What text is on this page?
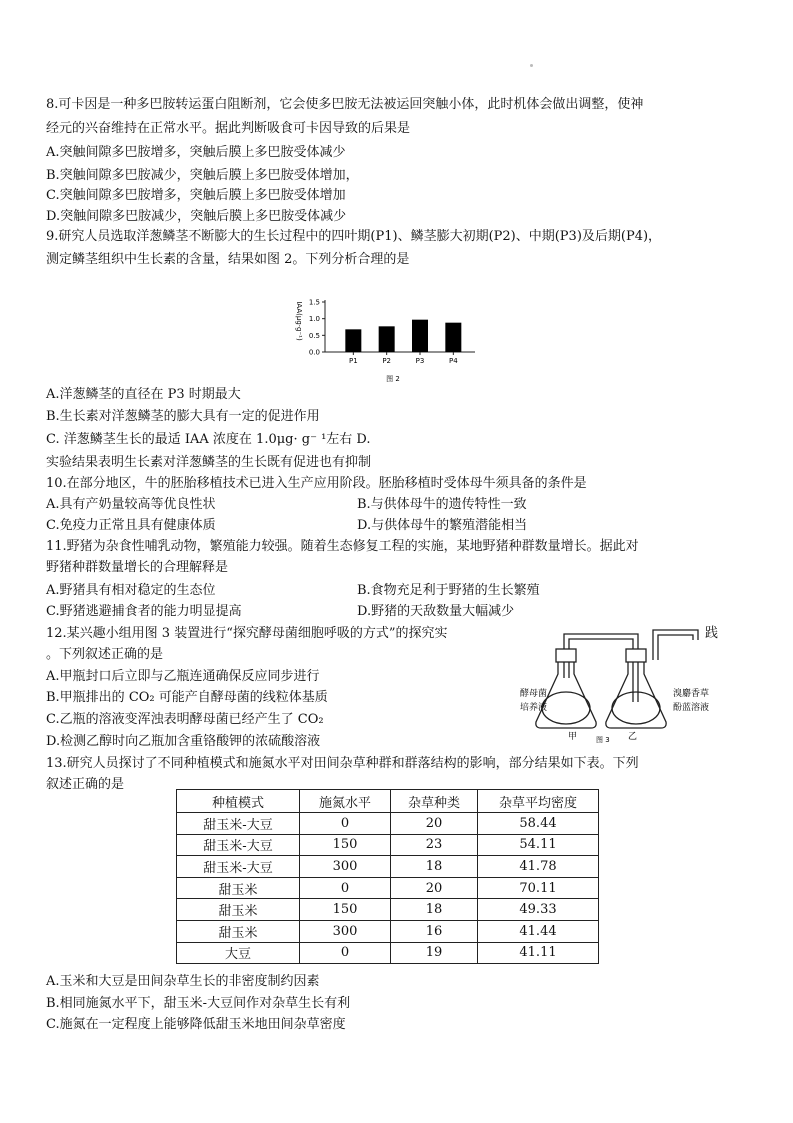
8.可卡因是一种多巴胺转运蛋白阻断剂，它会使多巴胺无法被运回突触小体，此时机体会做出调整，使神
经元的兴奋维持在正常水平。据此判断吸食可卡因导致的后果是
A.突触间隙多巴胺增多，突触后膜上多巴胺受体减少
B.突触间隙多巴胺减少，突触后膜上多巴胺受体增加，
C.突触间隙多巴胺增多，突触后膜上多巴胺受体增加
D.突触间隙多巴胺减少，突触后膜上多巴胺受体减少
9.研究人员选取洋葱鳞茎不断膨大的生长过程中的四叶期(P1)、鳞茎膨大初期(P2)、中期(P3)及后期(P4)，
测定鳞茎组织中生长素的含量，结果如图 2。下列分析合理的是
0.0
0.5
1.0
1.5
P1	P2	P3	P4
IAA(μg·g⁻¹)
图 2
A.洋葱鳞茎的直径在 P3 时期最大
B.生长素对洋葱鳞茎的膨大具有一定的促进作用
C. 洋葱鳞茎生长的最适 IAA 浓度在 1.0μg· g⁻ ¹左右 D.
实验结果表明生长素对洋葱鳞茎的生长既有促进也有抑制
10.在部分地区，牛的胚胎移植技术已进入生产应用阶段。胚胎移植时受体母牛须具备的条件是
A.具有产奶量较高等优良性状	B.与供体母牛的遗传特性一致
C.免疫力正常且具有健康体质	D.与供体母牛的繁殖潜能相当
11.野猪为杂食性哺乳动物，繁殖能力较强。随着生态修复工程的实施，某地野猪种群数量增长。据此对
野猪种群数量增长的合理解释是
A.野猪具有相对稳定的生态位	B.食物充足利于野猪的生长繁殖
C.野猪逃避捕食者的能力明显提高	D.野猪的天敌数量大幅减少
12.某兴趣小组用图 3 装置进行“探究酵母菌细胞呼吸的方式”的探究实	践
。下列叙述正确的是
A.甲瓶封口后立即与乙瓶连通确保反应同步进行
B.甲瓶排出的 CO₂ 可能产自酵母菌的线粒体基质
C.乙瓶的溶液变浑浊表明酵母菌已经产生了 CO₂
D.检测乙醇时向乙瓶加含重铬酸钾的浓硫酸溶液
酵母菌
培养液
溴麝香草
酚蓝溶液
甲	乙
图 3
13.研究人员探讨了不同种植模式和施氮水平对田间杂草种群和群落结构的影响，部分结果如下表。下列
叙述正确的是
种植模式	施氮水平	杂草种类	杂草平均密度
甜玉米-大豆	0	20	58.44
甜玉米-大豆	150	23	54.11
甜玉米-大豆	300	18	41.78
甜玉米	0	20	70.11
甜玉米	150	18	49.33
甜玉米	300	16	41.44
大豆	0	19	41.11
A.玉米和大豆是田间杂草生长的非密度制约因素
B.相同施氮水平下，甜玉米-大豆间作对杂草生长有利
C.施氮在一定程度上能够降低甜玉米地田间杂草密度
